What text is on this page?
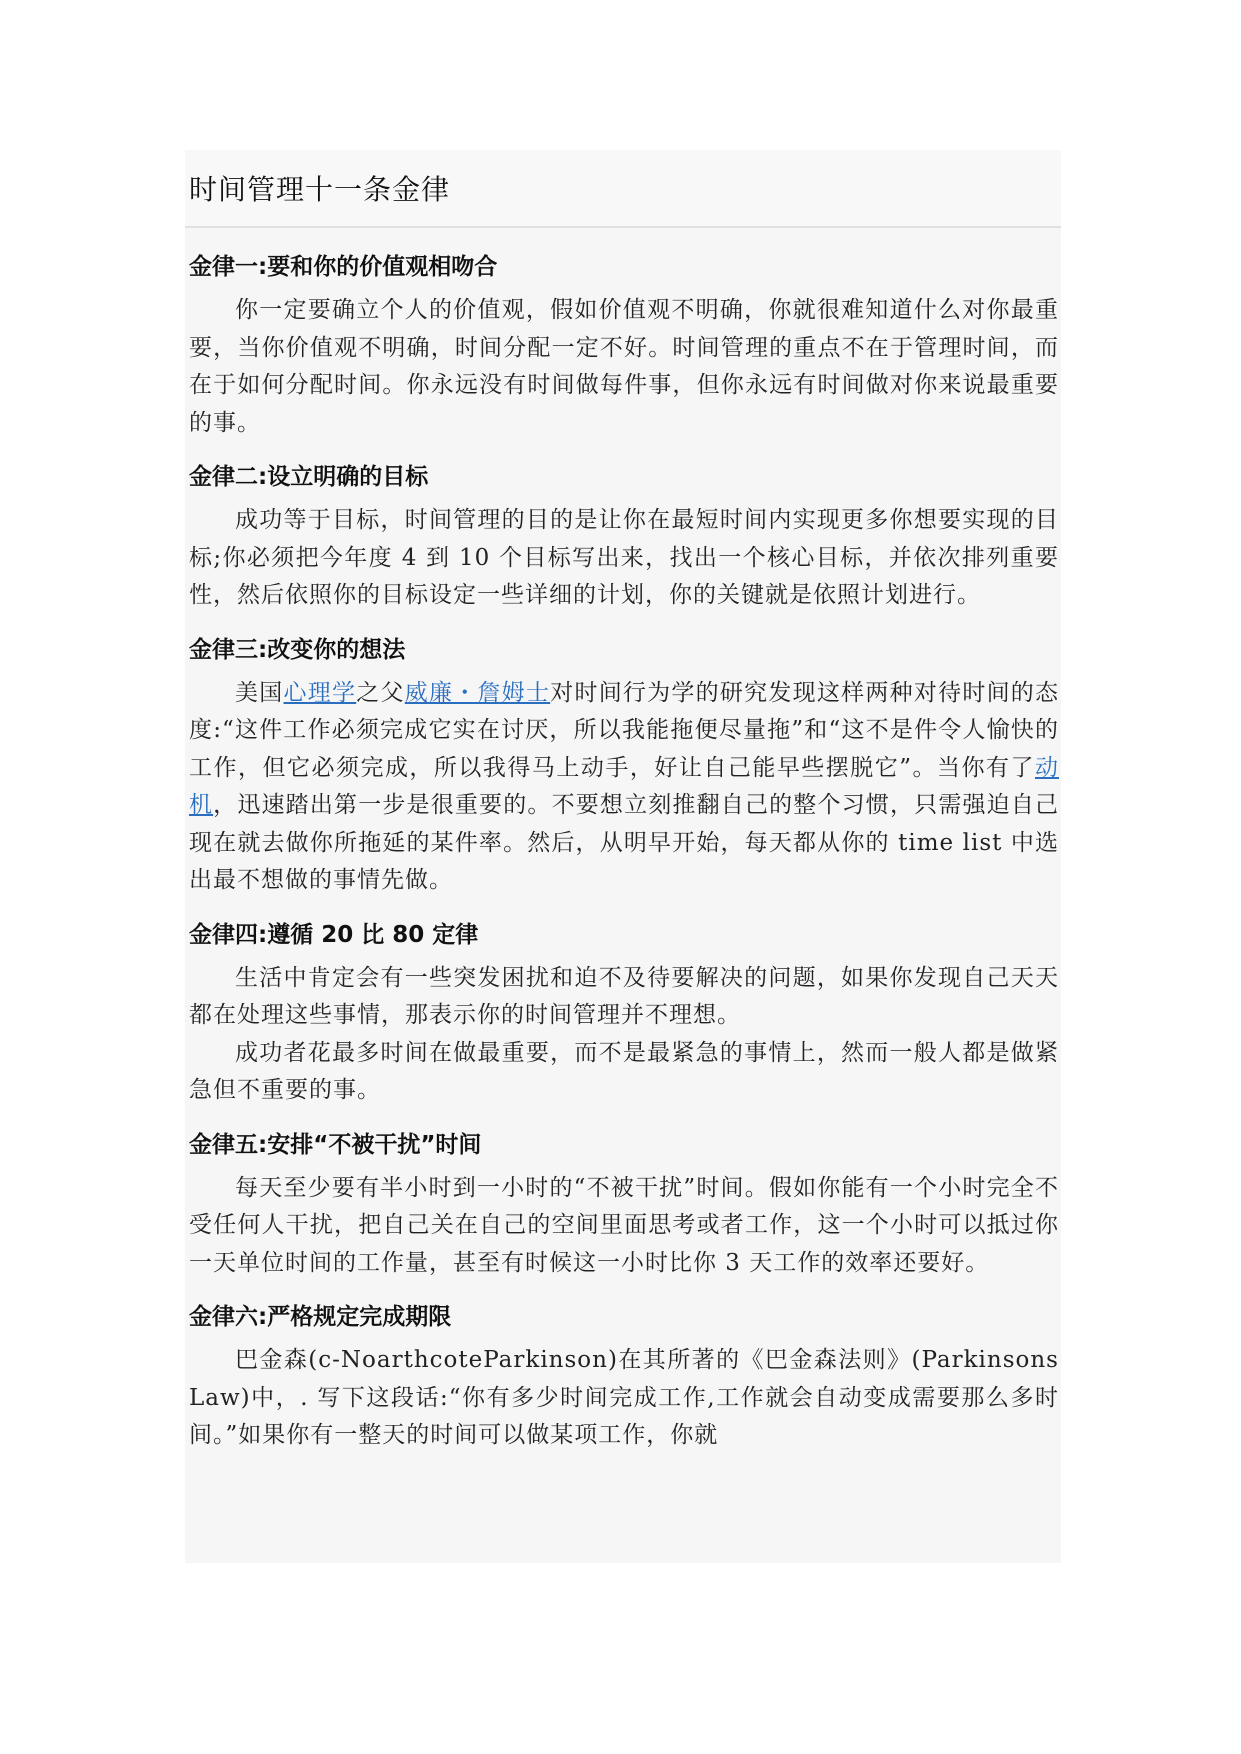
时间管理十一条金律
金律一:要和你的价值观相吻合

你一定要确立个人的价值观，假如价值观不明确，你就很难知道什么对你最重要，当你价值观不明确，时间分配一定不好。时间管理的重点不在于管理时间，而在于如何分配时间。你永远没有时间做每件事，但你永远有时间做对你来说最重要的事。

金律二:设立明确的目标

成功等于目标，时间管理的目的是让你在最短时间内实现更多你想要实现的目标;你必须把今年度 4 到 10 个目标写出来，找出一个核心目标，并依次排列重要性，然后依照你的目标设定一些详细的计划，你的关键就是依照计划进行。

金律三:改变你的想法

美国心理学之父威廉・詹姆士对时间行为学的研究发现这样两种对待时间的态度:“这件工作必须完成它实在讨厌，所以我能拖便尽量拖”和“这不是件令人愉快的工作，但它必须完成，所以我得马上动手，好让自己能早些摆脱它”。当你有了动机，迅速踏出第一步是很重要的。不要想立刻推翻自己的整个习惯，只需强迫自己现在就去做你所拖延的某件率。然后，从明早开始，每天都从你的 time list 中选出最不想做的事情先做。

金律四:遵循 20 比 80 定律

生活中肯定会有一些突发困扰和迫不及待要解决的问题，如果你发现自己天天都在处理这些事情，那表示你的时间管理并不理想。

成功者花最多时间在做最重要，而不是最紧急的事情上，然而一般人都是做紧急但不重要的事。

金律五:安排“不被干扰”时间

每天至少要有半小时到一小时的“不被干扰”时间。假如你能有一个小时完全不受任何人干扰，把自己关在自己的空间里面思考或者工作，这一个小时可以抵过你一天单位时间的工作量，甚至有时候这一小时比你 3 天工作的效率还要好。

金律六:严格规定完成期限

巴金森(c-NoarthcoteParkinson)在其所著的《巴金森法则》(Parkinsons Law)中，. 写下这段话:“你有多少时间完成工作,工作就会自动变成需要那么多时间。”如果你有一整天的时间可以做某项工作，你就
